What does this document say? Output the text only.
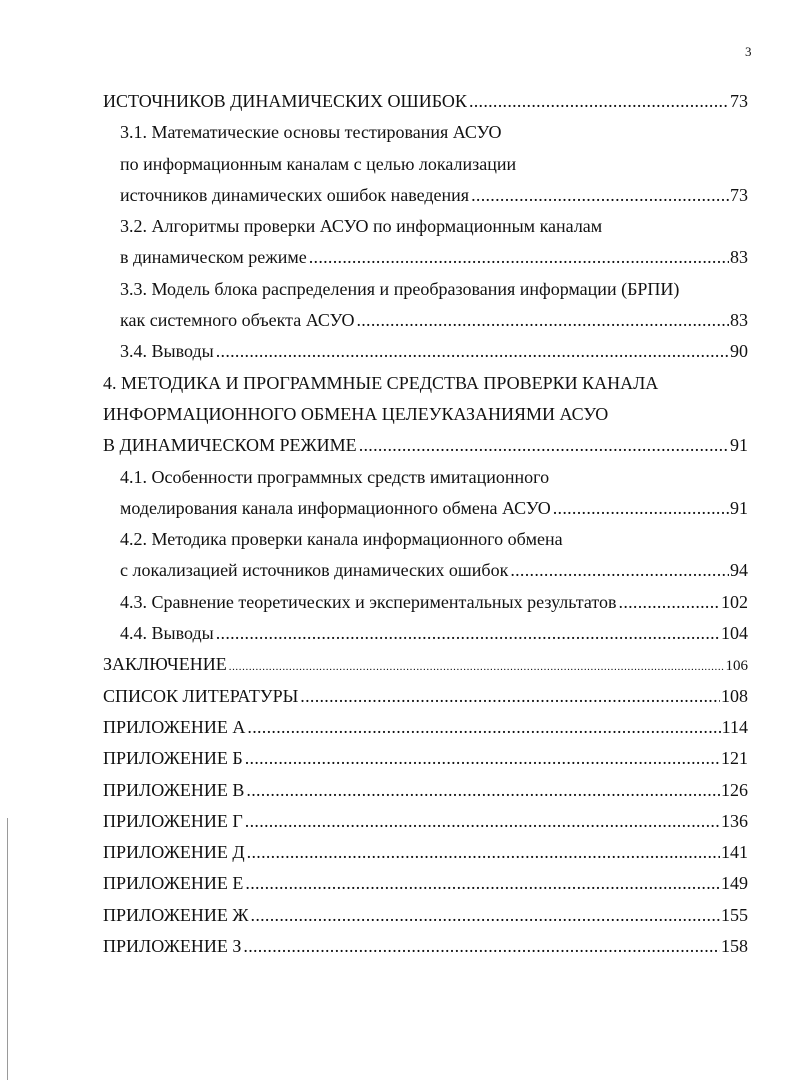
3
ИСТОЧНИКОВ ДИНАМИЧЕСКИХ ОШИБОК .....	73
3.1. Математические основы тестирования АСУО
по информационным каналам с целью локализации
источников динамических ошибок наведения .....	73
3.2. Алгоритмы проверки АСУО по информационным каналам
в динамическом режиме .....	83
3.3. Модель блока распределения и преобразования информации (БРПИ)
как системного объекта АСУО .....	83
3.4. Выводы .....	90
4. МЕТОДИКА И ПРОГРАММНЫЕ СРЕДСТВА ПРОВЕРКИ КАНАЛА
ИНФОРМАЦИОННОГО ОБМЕНА ЦЕЛЕУКАЗАНИЯМИ АСУО
В ДИНАМИЧЕСКОМ РЕЖИМЕ .....	91
4.1. Особенности программных средств имитационного
моделирования канала информационного обмена АСУО .....	91
4.2. Методика проверки канала информационного обмена
с локализацией источников динамических ошибок .....	94
4.3. Сравнение теоретических и экспериментальных результатов .....	102
4.4. Выводы .....	104
ЗАКЛЮЧЕНИЕ .....	106
СПИСОК ЛИТЕРАТУРЫ .....	108
ПРИЛОЖЕНИЕ А .....	114
ПРИЛОЖЕНИЕ Б .....	121
ПРИЛОЖЕНИЕ В .....	126
ПРИЛОЖЕНИЕ Г .....	136
ПРИЛОЖЕНИЕ Д .....	141
ПРИЛОЖЕНИЕ Е .....	149
ПРИЛОЖЕНИЕ Ж .....	155
ПРИЛОЖЕНИЕ З .....	158
